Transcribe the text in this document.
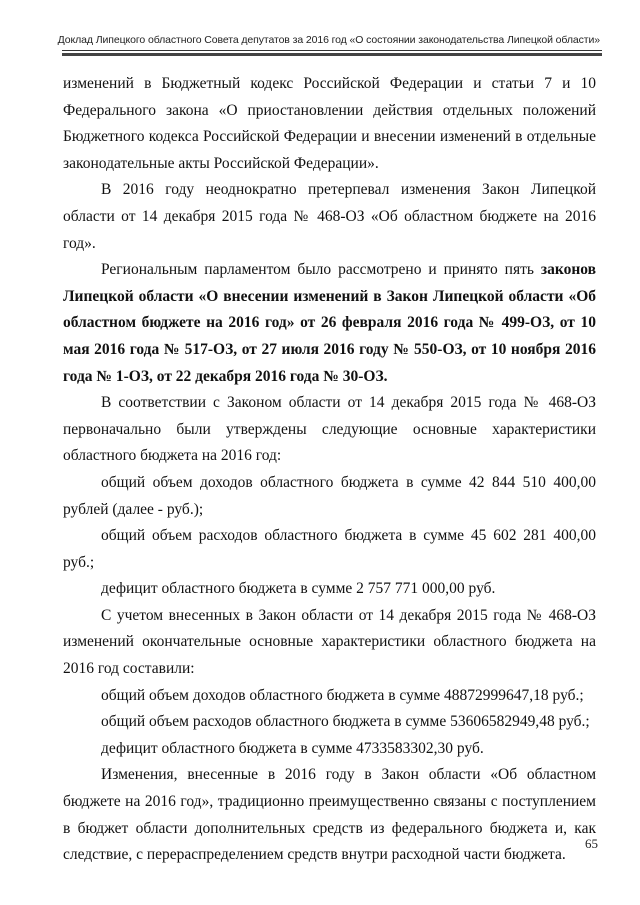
Доклад Липецкого областного Совета депутатов за 2016 год «О состоянии законодательства Липецкой области»

изменений в Бюджетный кодекс Российской Федерации и статьи 7 и 10 Федерального закона «О приостановлении действия отдельных положений Бюджетного кодекса Российской Федерации и внесении изменений в отдельные законодательные акты Российской Федерации».

В 2016 году неоднократно претерпевал изменения Закон Липецкой области от 14 декабря 2015 года № 468-ОЗ «Об областном бюджете на 2016 год».

Региональным парламентом было рассмотрено и принято пять законов Липецкой области «О внесении изменений в Закон Липецкой области «Об областном бюджете на 2016 год» от 26 февраля 2016 года № 499-ОЗ, от 10 мая 2016 года № 517-ОЗ, от 27 июля 2016 году № 550-ОЗ, от 10 ноября 2016 года № 1-ОЗ, от 22 декабря 2016 года № 30-ОЗ.

В соответствии с Законом области от 14 декабря 2015 года № 468-ОЗ первоначально были утверждены следующие основные характеристики областного бюджета на 2016 год:

общий объем доходов областного бюджета в сумме 42 844 510 400,00 рублей (далее - руб.);

общий объем расходов областного бюджета в сумме 45 602 281 400,00 руб.;

дефицит областного бюджета в сумме 2 757 771 000,00 руб.

С учетом внесенных в Закон области от 14 декабря 2015 года № 468-ОЗ изменений окончательные основные характеристики областного бюджета на 2016 год составили:

общий объем доходов областного бюджета в сумме 48872999647,18 руб.;

общий объем расходов областного бюджета в сумме 53606582949,48 руб.;

дефицит областного бюджета в сумме 4733583302,30 руб.

Изменения, внесенные в 2016 году в Закон области «Об областном бюджете на 2016 год», традиционно преимущественно связаны с поступлением в бюджет области дополнительных средств из федерального бюджета и, как следствие, с перераспределением средств внутри расходной части бюджета.

65
